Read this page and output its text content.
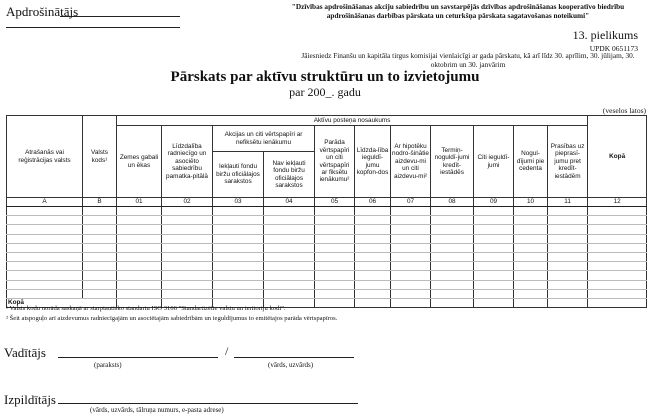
Apdrošinātājs	"Dzīvības apdrošināšanas akciju sabiedrību un savstarpējās dzīvības apdrošināšanas kooperatīvo biedrību apdrošināšanas darbības pārskata un ceturkšņa pārskata sagatavošanas noteikumi"
13. pielikums
UPDK 0651173
Jāiesniedz Finanšu un kapitāla tirgus komisijai vienlaicīgi ar gada pārskatu, kā arī līdz 30. aprīlim, 30. jūlijam, 30. oktobrim un 30. janvārim
Pārskats par aktīvu struktūru un to izvietojumu
par 200_. gadu
(veselos latos)
Atrašanās vai reģistrācijas valsts	Valsts kods¹	Aktīvu posteņa nosaukums											Kopā
		Zemes gabali un ēkas	Līdzdalība radniecīgo un asociēto sabiedrību pamatka-pitālā	Akcijas un citi vērtspapīri ar nefiksētu ienākumu		Parāda vērtspapīri un citi vērtspapīri ar fiksētu ienākumu²	Līdzda-lība ieguldī-jumu kopfon-dos	Ar hipotēku nodro-šinātie aizdevu-mi un citi aizdevu-mi²	Termiņ-noguldī-jumi kredīt-iestādēs	Citi ieguldī-jumi	Nogul-dījumi pie cedenta	Prasības uz pieprasī-jumu pret kredīt-iestādēm	
				Iekļauti fondu biržu oficiālajos sarakstos	Nav iekļauti fondu biržu oficiālajos sarakstos								
A	B	01	02	03	04	05	06	07	08	09	10	11	12

Kopā													
¹ Valsts kodu norāda saskaņā ar starptautisko standartu ISO 3166 "Standartizētie valstu un teritoriju kodi".
² Šeit atspoguļo arī aizdevumus radniecīgajām un asociētajām sabiedrībām un ieguldījumus to emitētajos parāda vērtspapīros.
Vadītājs	/
(paraksts)	(vārds, uzvārds)
Izpildītājs
(vārds, uzvārds, tālruņa numurs, e-pasta adrese)
